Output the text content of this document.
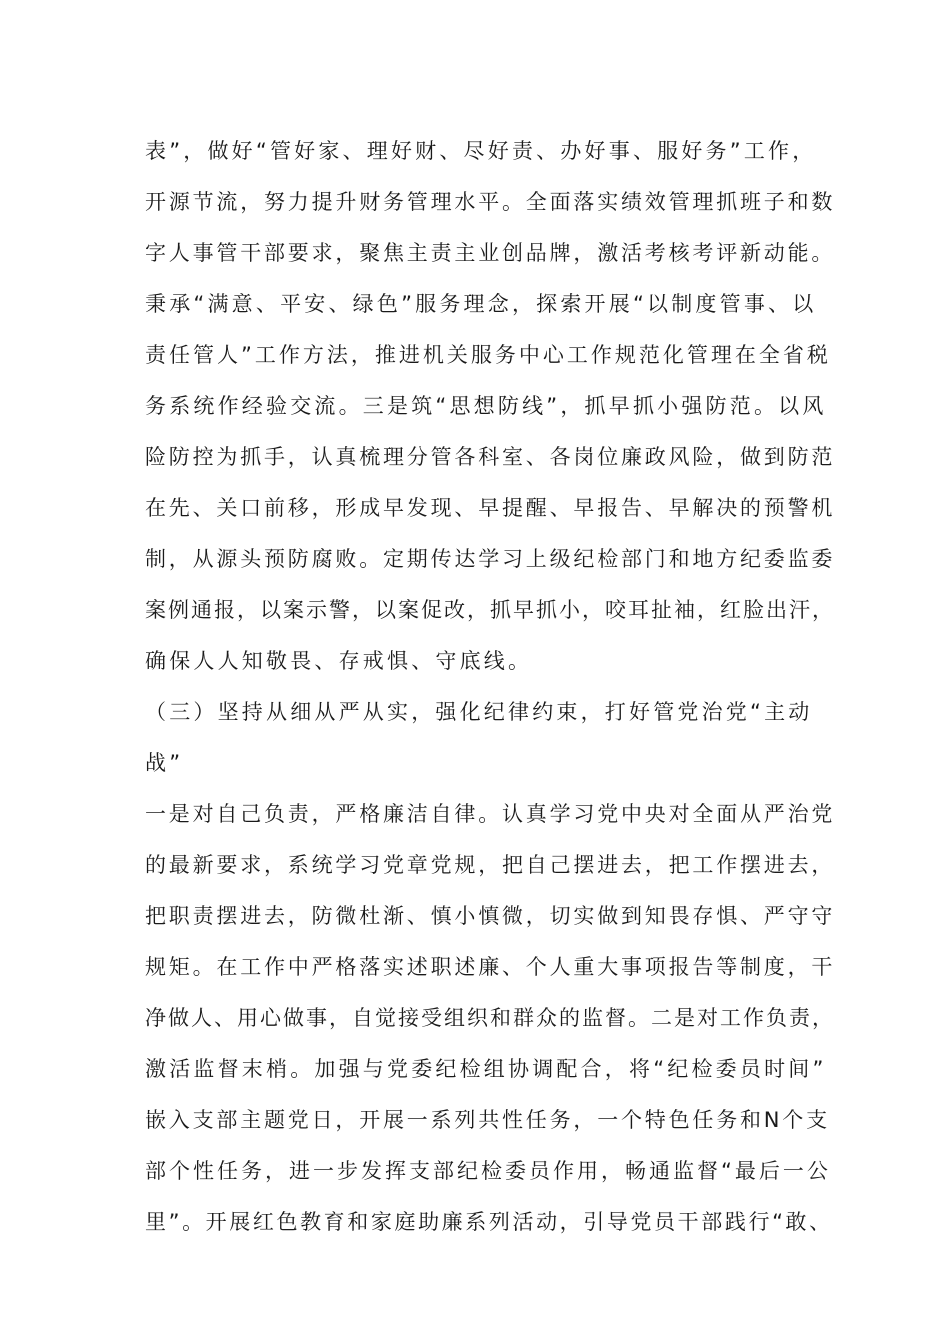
表”，做好“管好家、理好财、尽好责、办好事、服好务”工作，
开源节流，努力提升财务管理水平。全面落实绩效管理抓班子和数
字人事管干部要求，聚焦主责主业创品牌，激活考核考评新动能。
秉承“满意、平安、绿色”服务理念，探索开展“以制度管事、以
责任管人”工作方法，推进机关服务中心工作规范化管理在全省税
务系统作经验交流。三是筑“思想防线”，抓早抓小强防范。以风
险防控为抓手，认真梳理分管各科室、各岗位廉政风险，做到防范
在先、关口前移，形成早发现、早提醒、早报告、早解决的预警机
制，从源头预防腐败。定期传达学习上级纪检部门和地方纪委监委
案例通报，以案示警，以案促改，抓早抓小，咬耳扯袖，红脸出汗，
确保人人知敬畏、存戒惧、守底线。
（三）坚持从细从严从实，强化纪律约束，打好管党治党“主动
战”
一是对自己负责，严格廉洁自律。认真学习党中央对全面从严治党
的最新要求，系统学习党章党规，把自己摆进去，把工作摆进去，
把职责摆进去，防微杜渐、慎小慎微，切实做到知畏存惧、严守守
规矩。在工作中严格落实述职述廉、个人重大事项报告等制度，干
净做人、用心做事，自觉接受组织和群众的监督。二是对工作负责，
激活监督末梢。加强与党委纪检组协调配合，将“纪检委员时间”
嵌入支部主题党日，开展一系列共性任务，一个特色任务和N个支
部个性任务，进一步发挥支部纪检委员作用，畅通监督“最后一公
里”。开展红色教育和家庭助廉系列活动，引导党员干部践行“敢、
